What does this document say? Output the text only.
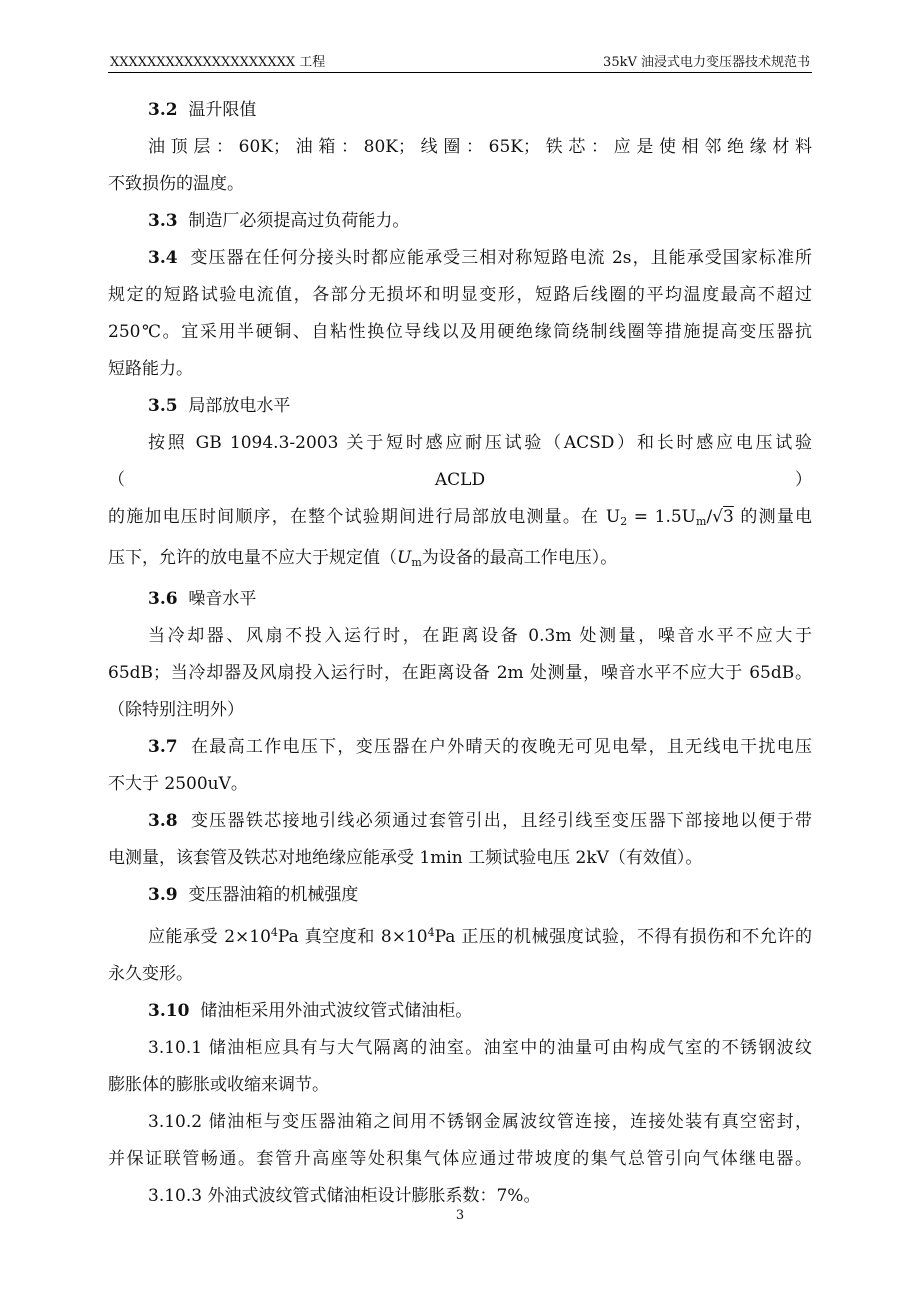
XXXXXXXXXXXXXXXXXXXX 工程	35kV 油浸式电力变压器技术规范书

3.2 温升限值

油顶层：60K；油箱：80K；线圈：65K；铁芯：应是使相邻绝缘材料

不致损伤的温度。

3.3 制造厂必须提高过负荷能力。

3.4 变压器在任何分接头时都应能承受三相对称短路电流 2s，且能承受国家标准所

规定的短路试验电流值，各部分无损坏和明显变形，短路后线圈的平均温度最高不超过

250℃。宜采用半硬铜、自粘性换位导线以及用硬绝缘筒绕制线圈等措施提高变压器抗

短路能力。

3.5 局部放电水平

按照 GB 1094.3-2003 关于短时感应耐压试验（ACSD）和长时感应电压试验（ACLD）

的施加电压时间顺序，在整个试验期间进行局部放电测量。在 $U_2 = 1.5U_m/√3$ 的测量电

压下，允许的放电量不应大于规定值（$U_m$为设备的最高工作电压）。

3.6 噪音水平

当冷却器、风扇不投入运行时，在距离设备 0.3m 处测量，噪音水平不应大于

65dB；当冷却器及风扇投入运行时，在距离设备 2m 处测量，噪音水平不应大于 65dB。

（除特别注明外）

3.7 在最高工作电压下，变压器在户外晴天的夜晚无可见电晕，且无线电干扰电压

不大于 2500uV。

3.8 变压器铁芯接地引线必须通过套管引出，且经引线至变压器下部接地以便于带

电测量，该套管及铁芯对地绝缘应能承受 1min 工频试验电压 2kV（有效值）。

3.9 变压器油箱的机械强度

应能承受 $2\times 10^4Pa$ 真空度和 $8\times 10^4Pa$ 正压的机械强度试验，不得有损伤和不允许的

永久变形。

3.10 储油柜采用外油式波纹管式储油柜。

3.10.1 储油柜应具有与大气隔离的油室。油室中的油量可由构成气室的不锈钢波纹

膨胀体的膨胀或收缩来调节。

3.10.2 储油柜与变压器油箱之间用不锈钢金属波纹管连接，连接处装有真空密封，

并保证联管畅通。套管升高座等处积集气体应通过带坡度的集气总管引向气体继电器。

3.10.3 外油式波纹管式储油柜设计膨胀系数：7%。

3
